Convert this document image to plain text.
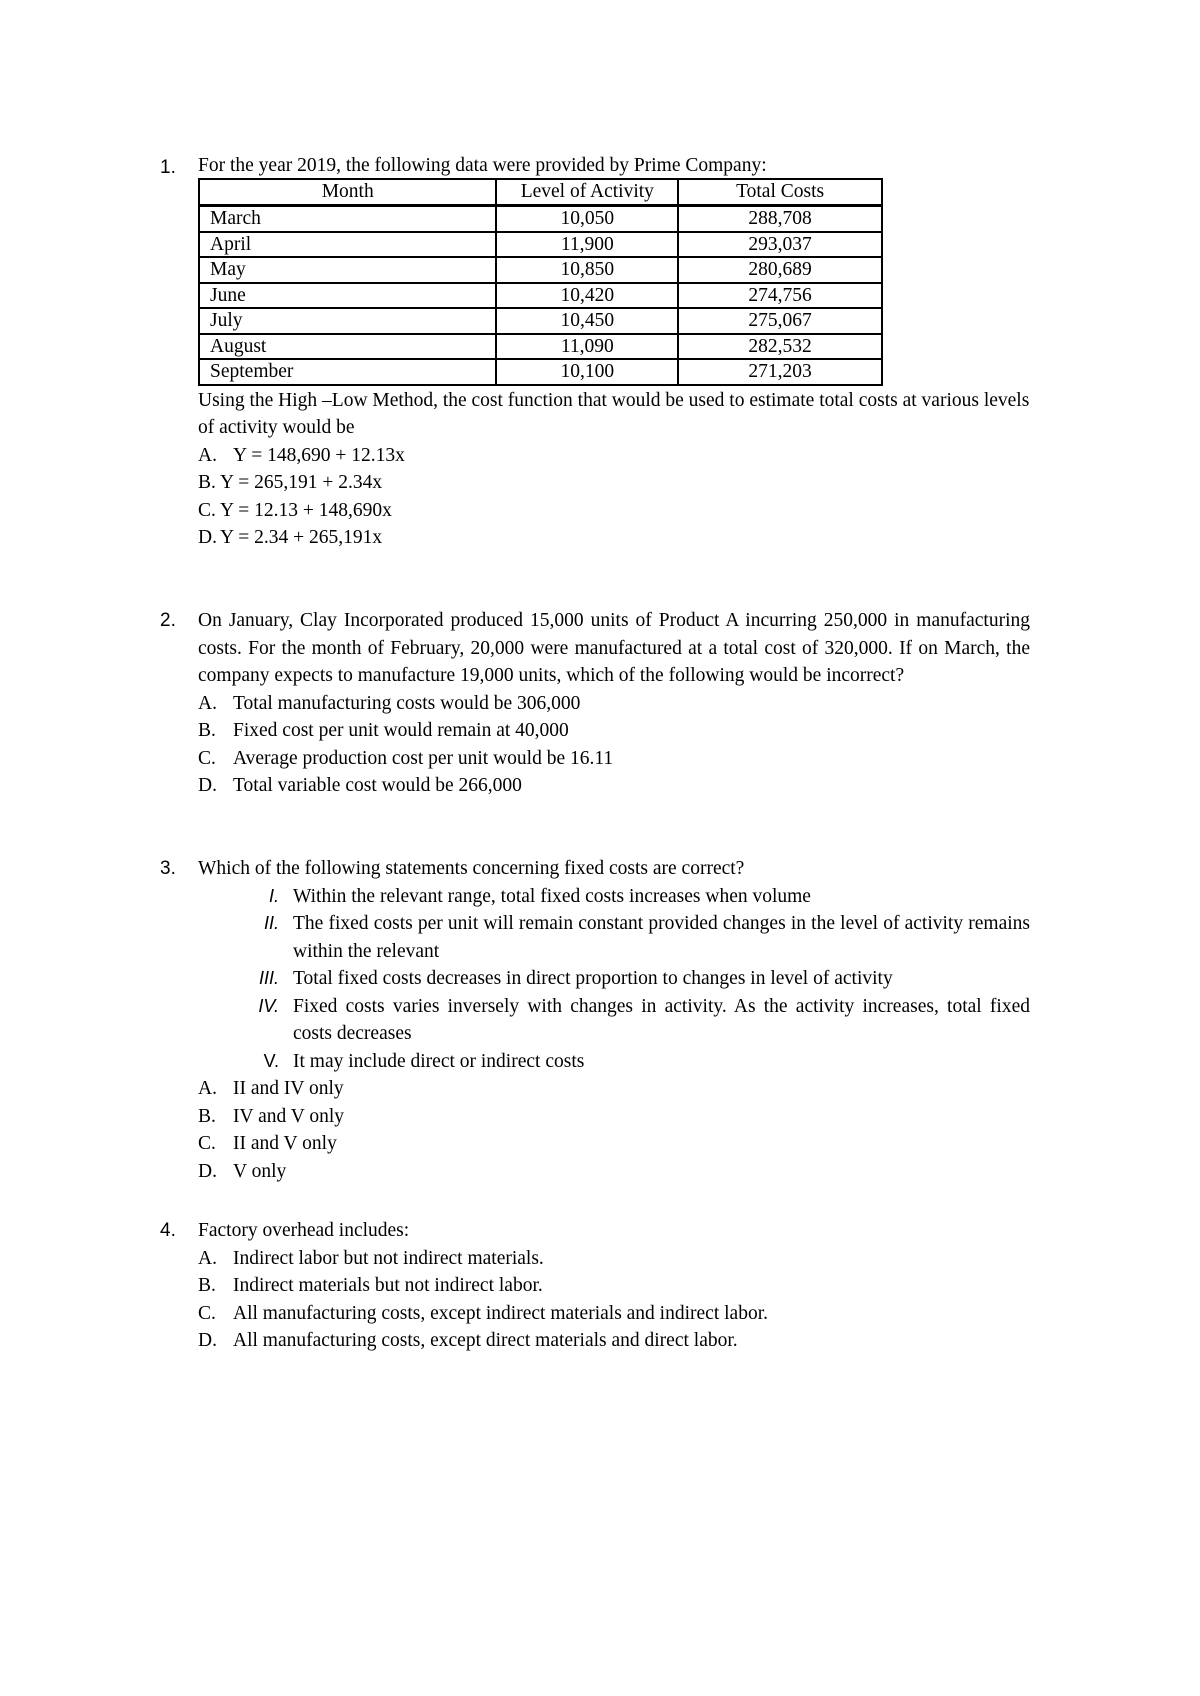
1.	For the year 2019, the following data were provided by Prime Company:

Month	Level of Activity	Total Costs
March	10,050	288,708
April	11,900	293,037
May	10,850	280,689
June	10,420	274,756
July	10,450	275,067
August	11,090	282,532
September	10,100	271,203

Using the High –Low Method, the cost function that would be used to estimate total costs at various levels of activity would be

A. Y = 148,690 + 12.13x
B. Y = 265,191 + 2.34x
C. Y = 12.13 + 148,690x
D. Y = 2.34 + 265,191x
2.	On January, Clay Incorporated produced 15,000 units of Product A incurring 250,000 in manufacturing costs. For the month of February, 20,000 were manufactured at a total cost of 320,000. If on March, the company expects to manufacture 19,000 units, which of the following would be incorrect?

A. Total manufacturing costs would be 306,000
B. Fixed cost per unit would remain at 40,000
C. Average production cost per unit would be 16.11
D. Total variable cost would be 266,000
3.	Which of the following statements concerning fixed costs are correct?

I. Within the relevant range, total fixed costs increases when volume
II. The fixed costs per unit will remain constant provided changes in the level of activity remains within the relevant
III. Total fixed costs decreases in direct proportion to changes in level of activity
IV. Fixed costs varies inversely with changes in activity. As the activity increases, total fixed costs decreases
V. It may include direct or indirect costs
A. II and IV only
B. IV and V only
C. II and V only
D. V only
4.	Factory overhead includes:

A. Indirect labor but not indirect materials.
B. Indirect materials but not indirect labor.
C. All manufacturing costs, except indirect materials and indirect labor.
D. All manufacturing costs, except direct materials and direct labor.
